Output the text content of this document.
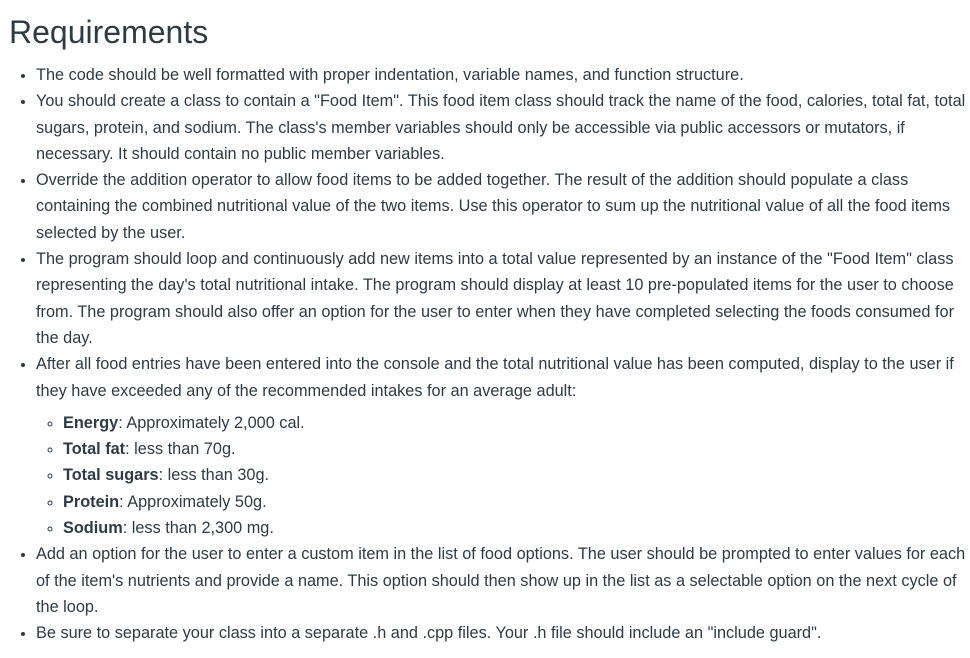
Requirements
• The code should be well formatted with proper indentation, variable names, and function structure.
• You should create a class to contain a "Food Item". This food item class should track the name of the food, calories, total fat, total sugars, protein, and sodium. The class's member variables should only be accessible via public accessors or mutators, if necessary. It should contain no public member variables.
• Override the addition operator to allow food items to be added together. The result of the addition should populate a class containing the combined nutritional value of the two items. Use this operator to sum up the nutritional value of all the food items selected by the user.
• The program should loop and continuously add new items into a total value represented by an instance of the "Food Item" class representing the day's total nutritional intake. The program should display at least 10 pre-populated items for the user to choose from. The program should also offer an option for the user to enter when they have completed selecting the foods consumed for the day.
• After all food entries have been entered into the console and the total nutritional value has been computed, display to the user if they have exceeded any of the recommended intakes for an average adult:
◦ Energy: Approximately 2,000 cal.
◦ Total fat: less than 70g.
◦ Total sugars: less than 30g.
◦ Protein: Approximately 50g.
◦ Sodium: less than 2,300 mg.
• Add an option for the user to enter a custom item in the list of food options. The user should be prompted to enter values for each of the item's nutrients and provide a name. This option should then show up in the list as a selectable option on the next cycle of the loop.
• Be sure to separate your class into a separate .h and .cpp files. Your .h file should include an "include guard".
